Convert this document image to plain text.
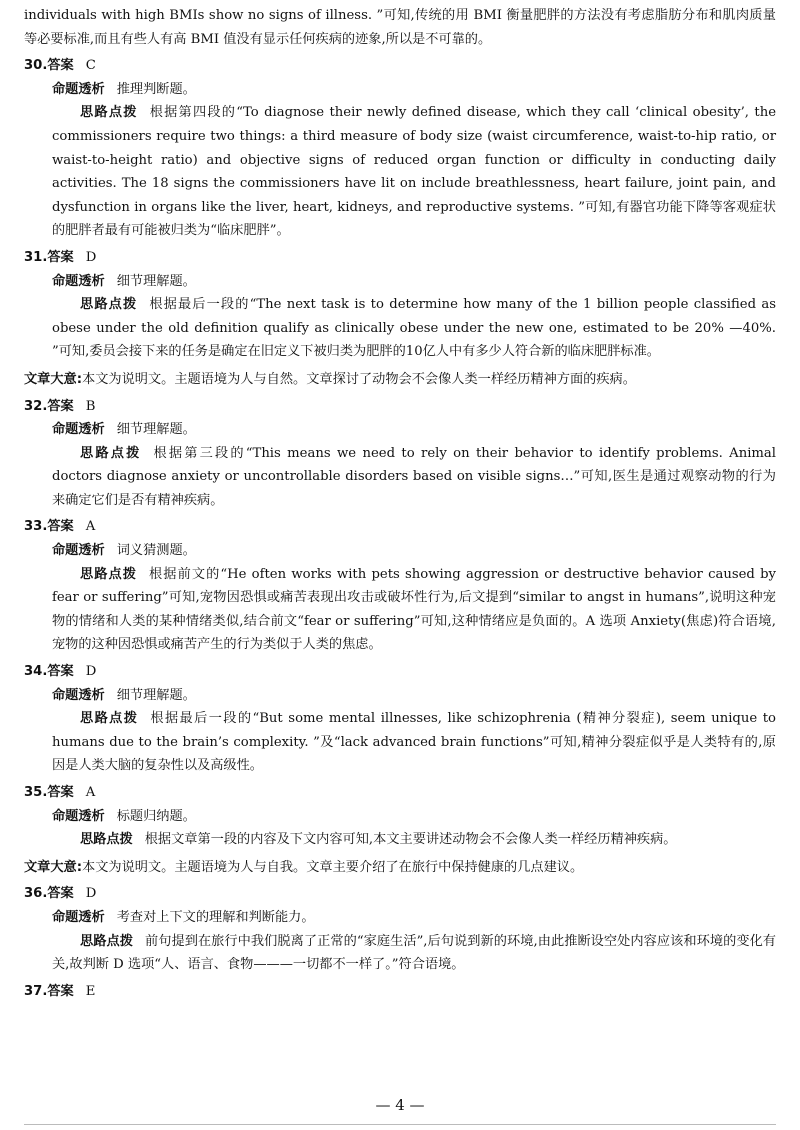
individuals with high BMIs show no signs of illness. ”可知,传统的用 BMI 衡量肥胖的方法没有考虑脂肪分布和肌肉质量等必要标准,而且有些人有高 BMI 值没有显示任何疾病的迹象,所以是不可靠的。

30.答案 C

命题透析 推理判断题。

思路点拨 根据第四段的“To diagnose their newly defined disease, which they call ‘clinical obesity’, the commissioners require two things: a third measure of body size (waist circumference, waist-to-hip ratio, or waist-to-height ratio) and objective signs of reduced organ function or difficulty in conducting daily activities. The 18 signs the commissioners have lit on include breathlessness, heart failure, joint pain, and dysfunction in organs like the liver, heart, kidneys, and reproductive systems. ”可知,有器官功能下降等客观症状的肥胖者最有可能被归类为“临床肥胖”。

31.答案 D

命题透析 细节理解题。

思路点拨 根据最后一段的“The next task is to determine how many of the 1 billion people classified as obese under the old definition qualify as clinically obese under the new one, estimated to be 20% —40%. ”可知,委员会接下来的任务是确定在旧定义下被归类为肥胖的10亿人中有多少人符合新的临床肥胖标准。

文章大意:本文为说明文。主题语境为人与自然。文章探讨了动物会不会像人类一样经历精神方面的疾病。

32.答案 B

命题透析 细节理解题。

思路点拨 根据第三段的“This means we need to rely on their behavior to identify problems. Animal doctors diagnose anxiety or uncontrollable disorders based on visible signs…”可知,医生是通过观察动物的行为来确定它们是否有精神疾病。

33.答案 A

命题透析 词义猜测题。

思路点拨 根据前文的“He often works with pets showing aggression or destructive behavior caused by fear or suffering”可知,宠物因恐惧或痛苦表现出攻击或破坏性行为,后文提到“similar to angst in humans”,说明这种宠物的情绪和人类的某种情绪类似,结合前文“fear or suffering”可知,这种情绪应是负面的。A 选项 Anxiety(焦虑)符合语境,宠物的这种因恐惧或痛苦产生的行为类似于人类的焦虑。

34.答案 D

命题透析 细节理解题。

思路点拨 根据最后一段的“But some mental illnesses, like schizophrenia (精神分裂症), seem unique to humans due to the brain’s complexity. ”及“lack advanced brain functions”可知,精神分裂症似乎是人类特有的,原因是人类大脑的复杂性以及高级性。

35.答案 A

命题透析 标题归纳题。

思路点拨 根据文章第一段的内容及下文内容可知,本文主要讲述动物会不会像人类一样经历精神疾病。

文章大意:本文为说明文。主题语境为人与自我。文章主要介绍了在旅行中保持健康的几点建议。

36.答案 D

命题透析 考查对上下文的理解和判断能力。

思路点拨 前句提到在旅行中我们脱离了正常的“家庭生活”,后句说到新的环境,由此推断设空处内容应该和环境的变化有关,故判断 D 选项“人、语言、食物———一切都不一样了。”符合语境。

37.答案 E

— 4 —
